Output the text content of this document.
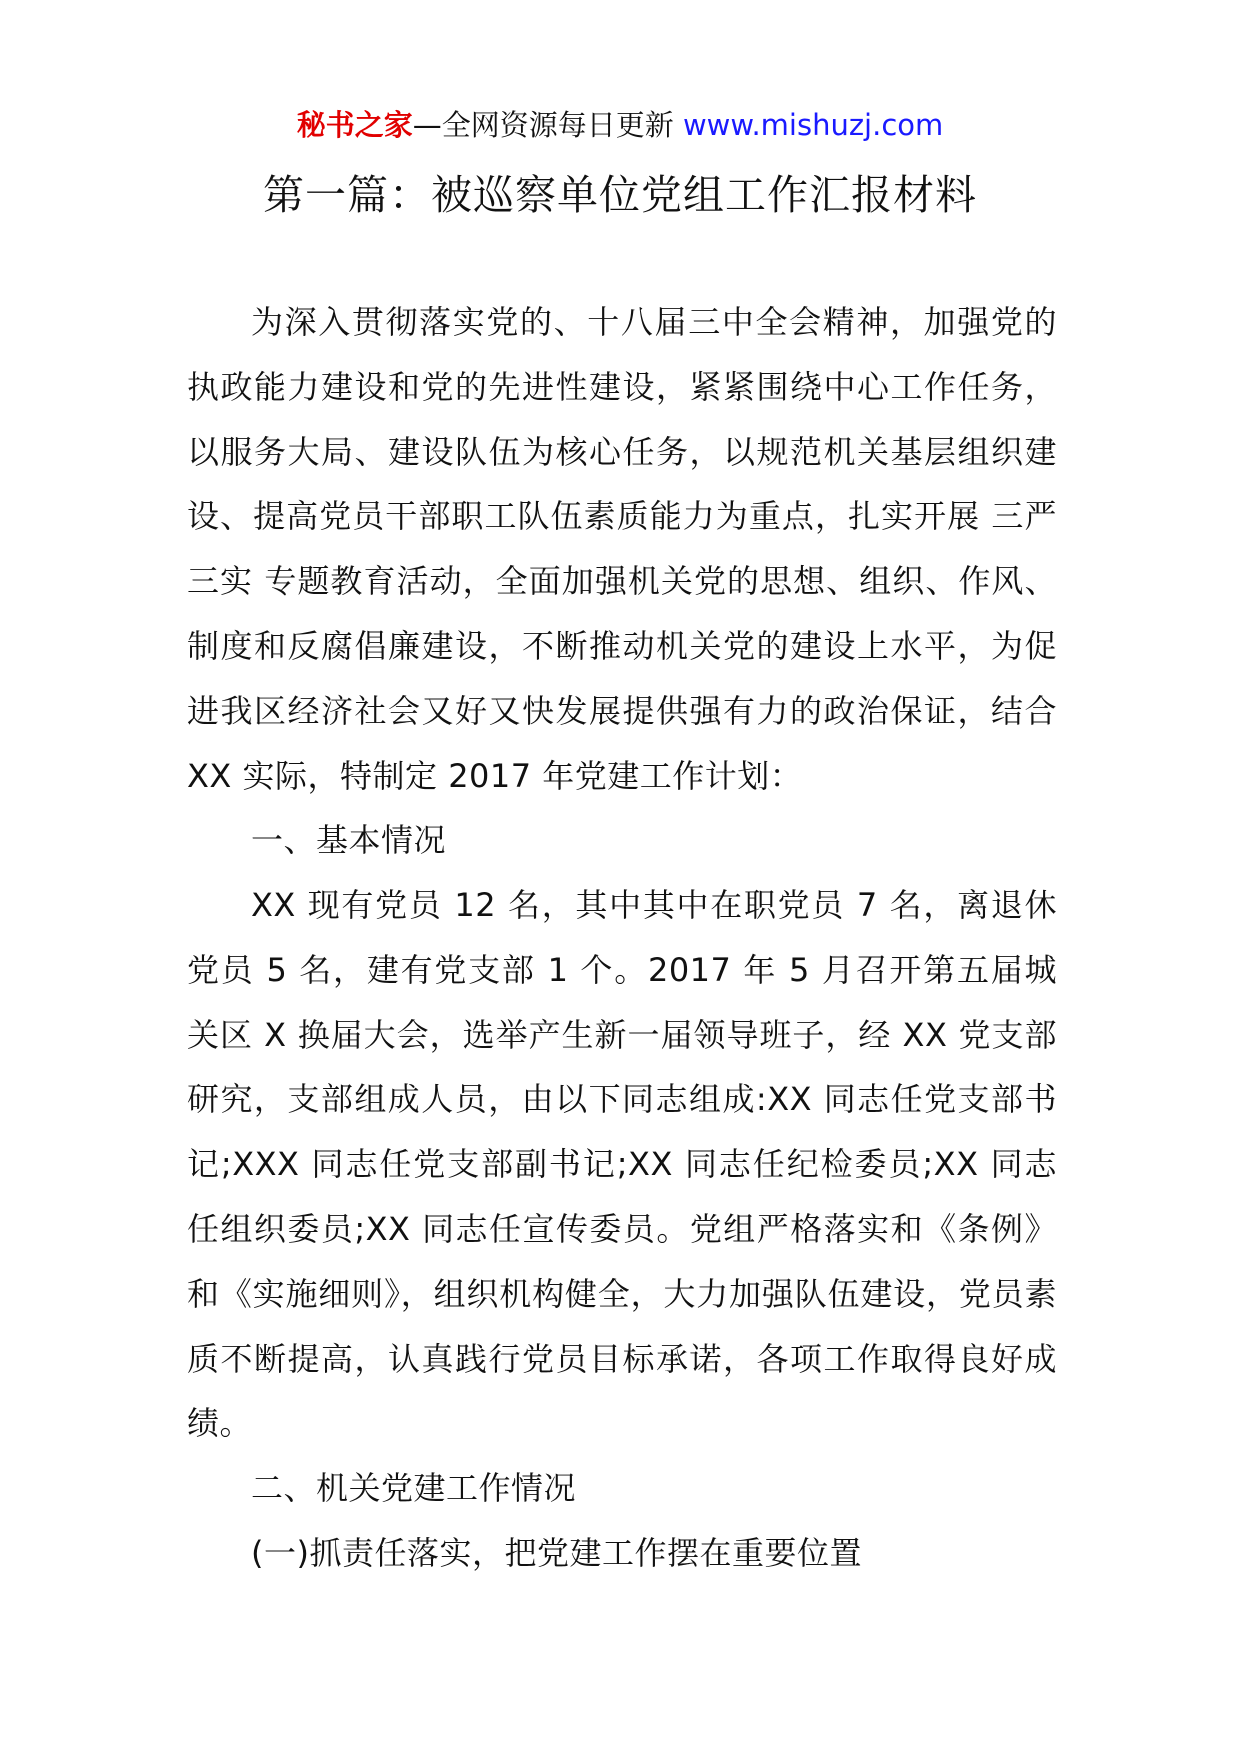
秘书之家—全网资源每日更新 www.mishuzj.com
第一篇：被巡察单位党组工作汇报材料

为深入贯彻落实党的、十八届三中全会精神，加强党的执政能力建设和党的先进性建设，紧紧围绕中心工作任务，以服务大局、建设队伍为核心任务，以规范机关基层组织建设、提高党员干部职工队伍素质能力为重点，扎实开展 三严三实 专题教育活动，全面加强机关党的思想、组织、作风、制度和反腐倡廉建设，不断推动机关党的建设上水平，为促进我区经济社会又好又快发展提供强有力的政治保证，结合 XX 实际，特制定 2017 年党建工作计划：

一、基本情况

XX 现有党员 12 名，其中其中在职党员 7 名，离退休党员 5 名，建有党支部 1 个。2017 年 5 月召开第五届城关区 X 换届大会，选举产生新一届领导班子，经 XX 党支部研究，支部组成人员，由以下同志组成:XX 同志任党支部书记;XXX 同志任党支部副书记;XX 同志任纪检委员;XX 同志任组织委员;XX 同志任宣传委员。党组严格落实和《条例》和《实施细则》，组织机构健全，大力加强队伍建设，党员素质不断提高，认真践行党员目标承诺，各项工作取得良好成绩。

二、机关党建工作情况

(一)抓责任落实，把党建工作摆在重要位置
